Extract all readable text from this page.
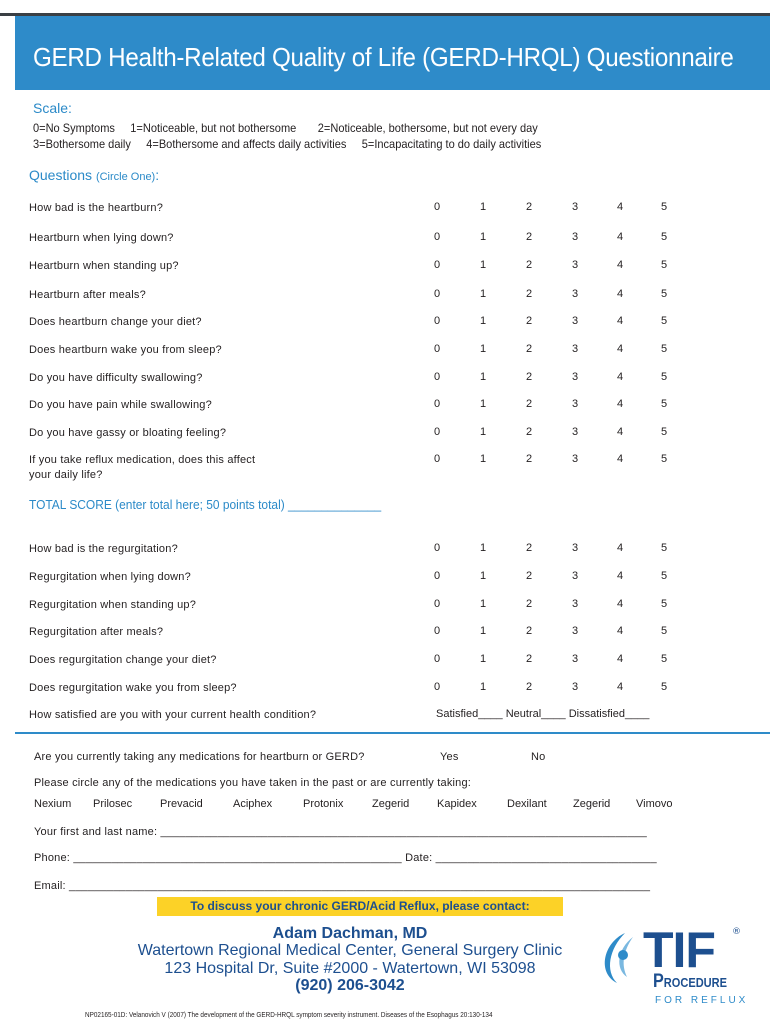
GERD Health-Related Quality of Life (GERD-HRQL) Questionnaire
Scale:
0=No Symptoms 1=Noticeable, but not bothersome 2=Noticeable, bothersome, but not every day
3=Bothersome daily 4=Bothersome and affects daily activities 5=Incapacitating to do daily activities
Questions (Circle One):
How bad is the heartburn?	0	1	2	3	4	5
Heartburn when lying down?	0	1	2	3	4	5
Heartburn when standing up?	0	1	2	3	4	5
Heartburn after meals?	0	1	2	3	4	5
Does heartburn change your diet?	0	1	2	3	4	5
Does heartburn wake you from sleep?	0	1	2	3	4	5
Do you have difficulty swallowing?	0	1	2	3	4	5
Do you have pain while swallowing?	0	1	2	3	4	5
Do you have gassy or bloating feeling?	0	1	2	3	4	5
If you take reflux medication, does this affect your daily life?
0	1	2	3	4	5
TOTAL SCORE (enter total here; 50 points total) ______________
How bad is the regurgitation?	0	1	2	3	4	5
Regurgitation when lying down?	0	1	2	3	4	5
Regurgitation when standing up?	0	1	2	3	4	5
Regurgitation after meals?	0	1	2	3	4	5
Does regurgitation change your diet?	0	1	2	3	4	5
Does regurgitation wake you from sleep?	0	1	2	3	4	5
How satisfied are you with your current health condition?	Satisfied____ Neutral____ Dissatisfied____
Are you currently taking any medications for heartburn or GERD?	Yes	No
Please circle any of the medications you have taken in the past or are currently taking:
Nexium Prilosec	Prevacid	Aciphex	Protonix	Zegerid	Kapidex	Dexilant Zegerid Vimovo
Your first and last name: _____________________________________________________________________________
Phone: ____________________________________________________ Date: ___________________________________
Email: ____________________________________________________________________________________________
To discuss your chronic GERD/Acid Reflux, please contact:
Adam Dachman, MD
Watertown Regional Medical Center, General Surgery Clinic
123 Hospital Dr, Suite #2000 - Watertown, WI 53098
(920) 206-3042
TIF ®
Procedure
FOR REFLUX
NP02165-01D: Velanovich V (2007) The development of the GERD-HRQL symptom severity instrument. Diseases of the Esophagus 20:130-134
